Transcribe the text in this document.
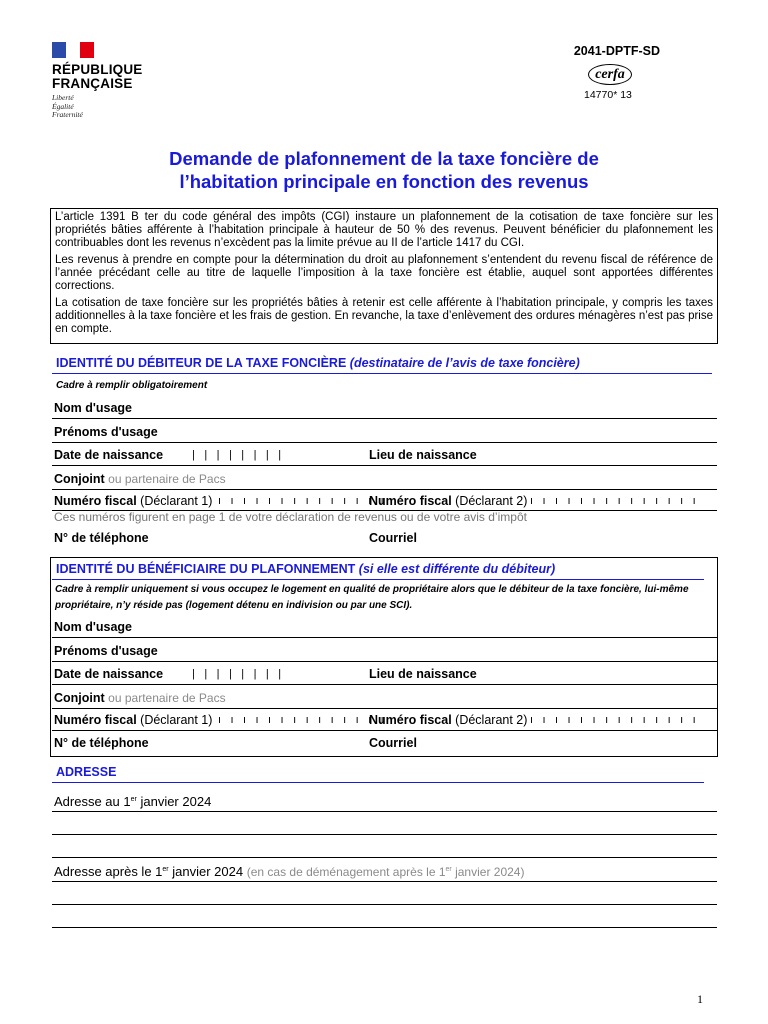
RÉPUBLIQUE
FRANÇAISE
Liberté
Égalité
Fraternité
2041-DPTF-SD
cerfa
14770* 13
Demande de plafonnement de la taxe foncière de
l’habitation principale en fonction des revenus

L’article 1391 B ter du code général des impôts (CGI) instaure un plafonnement de la cotisation de taxe foncière sur les propriétés bâties afférente à l’habitation principale à hauteur de 50 % des revenus. Peuvent bénéficier du plafonnement les contribuables dont les revenus n’excèdent pas la limite prévue au II de l’article 1417 du CGI.

Les revenus à prendre en compte pour la détermination du droit au plafonnement s’entendent du revenu fiscal de référence de l’année précédant celle au titre de laquelle l’imposition à la taxe foncière est établie, auquel sont apportées différentes corrections.

La cotisation de taxe foncière sur les propriétés bâties à retenir est celle afférente à l’habitation principale, y compris les taxes additionnelles à la taxe foncière et les frais de gestion. En revanche, la taxe d’enlèvement des ordures ménagères n’est pas prise en compte.

IDENTITÉ DU DÉBITEUR DE LA TAXE FONCIÈRE (destinataire de l’avis de taxe foncière)
Cadre à remplir obligatoirement
Nom d'usage
Prénoms d'usage
Date de naissance	| | | | | | | |	Lieu de naissance
Conjoint ou partenaire de Pacs
Numéro fiscal (Déclarant 1) ı ı ı ı ı ı ı ı ı ı ı ı ı ı
Numéro fiscal (Déclarant 2) ı ı ı ı ı ı ı ı ı ı ı ı ı ı
Ces numéros figurent en page 1 de votre déclaration de revenus ou de votre avis d’impôt
N° de téléphone	Courriel
IDENTITÉ DU BÉNÉFICIAIRE DU PLAFONNEMENT (si elle est différente du débiteur)
Cadre à remplir uniquement si vous occupez le logement en qualité de propriétaire alors que le débiteur de la taxe foncière, lui-même propriétaire, n’y réside pas (logement détenu en indivision ou par une SCI).
Nom d'usage
Prénoms d'usage
Date de naissance	| | | | | | | |	Lieu de naissance
Conjoint ou partenaire de Pacs
Numéro fiscal (Déclarant 1) ı ı ı ı ı ı ı ı ı ı ı ı ı ı
Numéro fiscal (Déclarant 2) ı ı ı ı ı ı ı ı ı ı ı ı ı ı
N° de téléphone	Courriel
ADRESSE
Adresse au 1er janvier 2024
Adresse après le 1er janvier 2024 (en cas de déménagement après le 1er janvier 2024)
1
